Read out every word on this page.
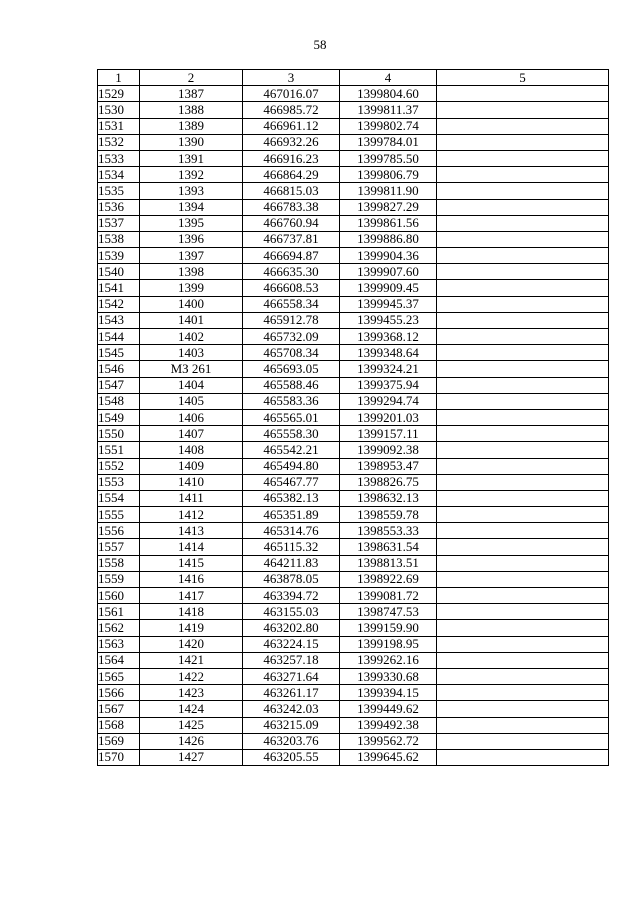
58
1	2	3	4	5
1529	1387	467016.07	1399804.60	
1530	1388	466985.72	1399811.37	
1531	1389	466961.12	1399802.74	
1532	1390	466932.26	1399784.01	
1533	1391	466916.23	1399785.50	
1534	1392	466864.29	1399806.79	
1535	1393	466815.03	1399811.90	
1536	1394	466783.38	1399827.29	
1537	1395	466760.94	1399861.56	
1538	1396	466737.81	1399886.80	
1539	1397	466694.87	1399904.36	
1540	1398	466635.30	1399907.60	
1541	1399	466608.53	1399909.45	
1542	1400	466558.34	1399945.37	
1543	1401	465912.78	1399455.23	
1544	1402	465732.09	1399368.12	
1545	1403	465708.34	1399348.64	
1546	МЗ 261	465693.05	1399324.21	
1547	1404	465588.46	1399375.94	
1548	1405	465583.36	1399294.74	
1549	1406	465565.01	1399201.03	
1550	1407	465558.30	1399157.11	
1551	1408	465542.21	1399092.38	
1552	1409	465494.80	1398953.47	
1553	1410	465467.77	1398826.75	
1554	1411	465382.13	1398632.13	
1555	1412	465351.89	1398559.78	
1556	1413	465314.76	1398553.33	
1557	1414	465115.32	1398631.54	
1558	1415	464211.83	1398813.51	
1559	1416	463878.05	1398922.69	
1560	1417	463394.72	1399081.72	
1561	1418	463155.03	1398747.53	
1562	1419	463202.80	1399159.90	
1563	1420	463224.15	1399198.95	
1564	1421	463257.18	1399262.16	
1565	1422	463271.64	1399330.68	
1566	1423	463261.17	1399394.15	
1567	1424	463242.03	1399449.62	
1568	1425	463215.09	1399492.38	
1569	1426	463203.76	1399562.72	
1570	1427	463205.55	1399645.62	
